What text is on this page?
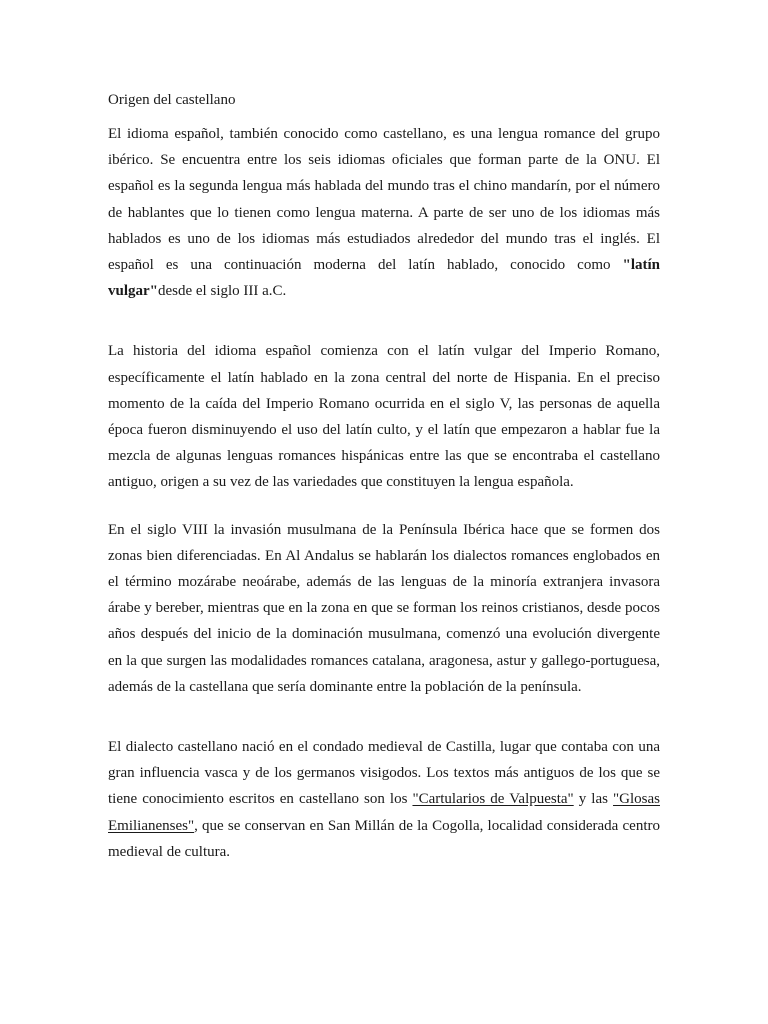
Origen del castellano

El idioma español, también conocido como castellano, es una lengua romance del grupo ibérico. Se encuentra entre los seis idiomas oficiales que forman parte de la ONU. El español es la segunda lengua más hablada del mundo tras el chino mandarín, por el número de hablantes que lo tienen como lengua materna. A parte de ser uno de los idiomas más hablados es uno de los idiomas más estudiados alrededor del mundo tras el inglés. El español es una continuación moderna del latín hablado, conocido como "latín vulgar"desde el siglo III a.C.

La historia del idioma español comienza con el latín vulgar del Imperio Romano, específicamente el latín hablado en la zona central del norte de Hispania. En el preciso momento de la caída del Imperio Romano ocurrida en el siglo V, las personas de aquella época fueron disminuyendo el uso del latín culto, y el latín que empezaron a hablar fue la mezcla de algunas lenguas romances hispánicas entre las que se encontraba el castellano antiguo, origen a su vez de las variedades que constituyen la lengua española.

En el siglo VIII la invasión musulmana de la Península Ibérica hace que se formen dos zonas bien diferenciadas. En Al Andalus se hablarán los dialectos romances englobados en el término mozárabe neoárabe, además de las lenguas de la minoría extranjera invasora árabe y bereber, mientras que en la zona en que se forman los reinos cristianos, desde pocos años después del inicio de la dominación musulmana, comenzó una evolución divergente en la que surgen las modalidades romances catalana, aragonesa, astur y gallego-portuguesa, además de la castellana que sería dominante entre la población de la península.

El dialecto castellano nació en el condado medieval de Castilla, lugar que contaba con una gran influencia vasca y de los germanos visigodos. Los textos más antiguos de los que se tiene conocimiento escritos en castellano son los "Cartularios de Valpuesta" y las "Glosas Emilianenses", que se conservan en San Millán de la Cogolla, localidad considerada centro medieval de cultura.
